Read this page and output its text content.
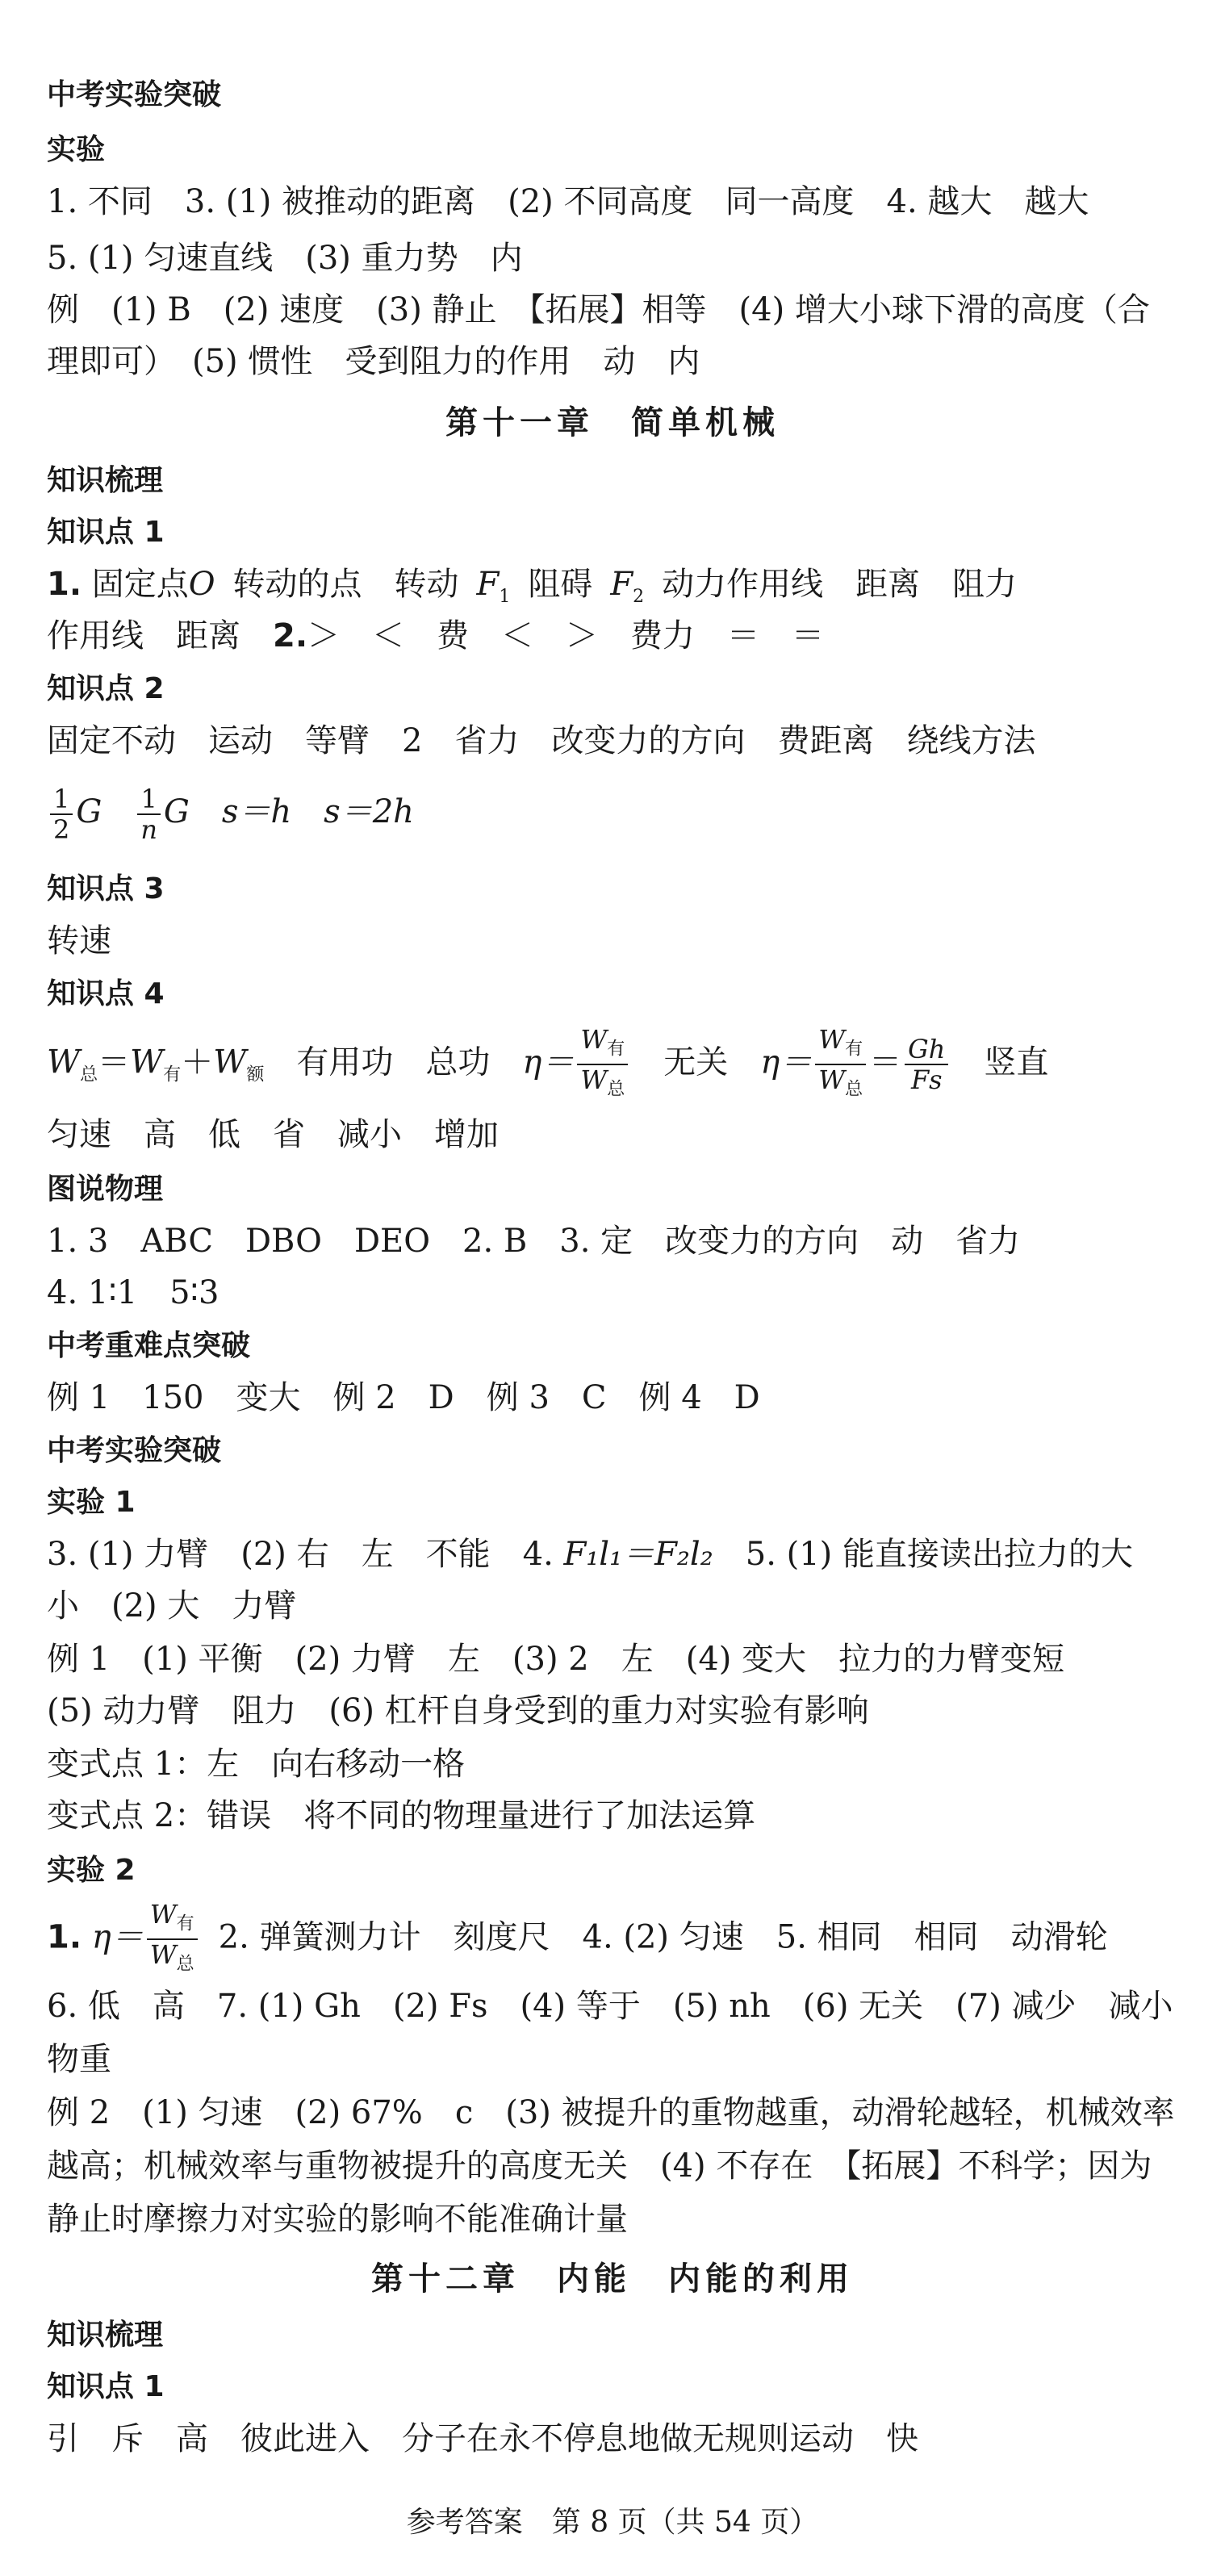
中考实验突破
实验
1. 不同　3. (1) 被推动的距离　(2) 不同高度　同一高度　4. 越大　越大
5. (1) 匀速直线　(3) 重力势　内
例　(1) B　(2) 速度　(3) 静止　【拓展】相等　(4) 增大小球下滑的高度（合
理即可）　(5) 惯性　受到阻力的作用　动　内
第十一章　简单机械
知识梳理
知识点 1
1. 固定点O 转动的点　转动 $F_1$ 阻碍 $F_2$ 动力作用线　距离　阻力
作用线　距离　2.＞　＜　费　＜　＞　费力　＝　＝
知识点 2
固定不动　运动　等臂　2　省力　改变力的方向　费距离　绕线方法
$\frac{1}{2}$ G $\frac{1}{n}$ G s＝h s＝2h
知识点 3
转速
知识点 4
$W_总=W_有+W_额$ 有用功　总功 $\eta= \frac{W_有}{W_总}$ 无关 $\eta= \frac{W_有}{W_总} = \frac{Gh}{Fs}$ 竖直
匀速　高　低　省　减小　增加
图说物理
1. 3　ABC　DBO　DEO　2. B　3. 定　改变力的方向　动　省力
4. 1∶1　5∶3
中考重难点突破
例 1　150　变大　例 2　D　例 3　C　例 4　D
中考实验突破
实验 1
3. (1) 力臂　(2) 右　左　不能　4. F₁l₁＝F₂l₂　5. (1) 能直接读出拉力的大
小　(2) 大　力臂
例 1　(1) 平衡　(2) 力臂　左　(3) 2　左　(4) 变大　拉力的力臂变短
(5) 动力臂　阻力　(6) 杠杆自身受到的重力对实验有影响
变式点 1：左　向右移动一格
变式点 2：错误　将不同的物理量进行了加法运算
实验 2
1. $\eta= \frac{W_有}{W_总} 2$. 弹簧测力计　刻度尺　4. (2) 匀速　5. 相同　相同　动滑轮
6. 低　高　7. (1) Gh　(2) Fs　(4) 等于　(5) nh　(6) 无关　(7) 减少　减小
物重
例 2　(1) 匀速　(2) 67%　c　(3) 被提升的重物越重，动滑轮越轻，机械效率
越高；机械效率与重物被提升的高度无关　(4) 不存在　【拓展】不科学；因为
静止时摩擦力对实验的影响不能准确计量
第十二章　内能　内能的利用
知识梳理
知识点 1
引　斥　高　彼此进入　分子在永不停息地做无规则运动　快
参考答案　第 8 页（共 54 页）
